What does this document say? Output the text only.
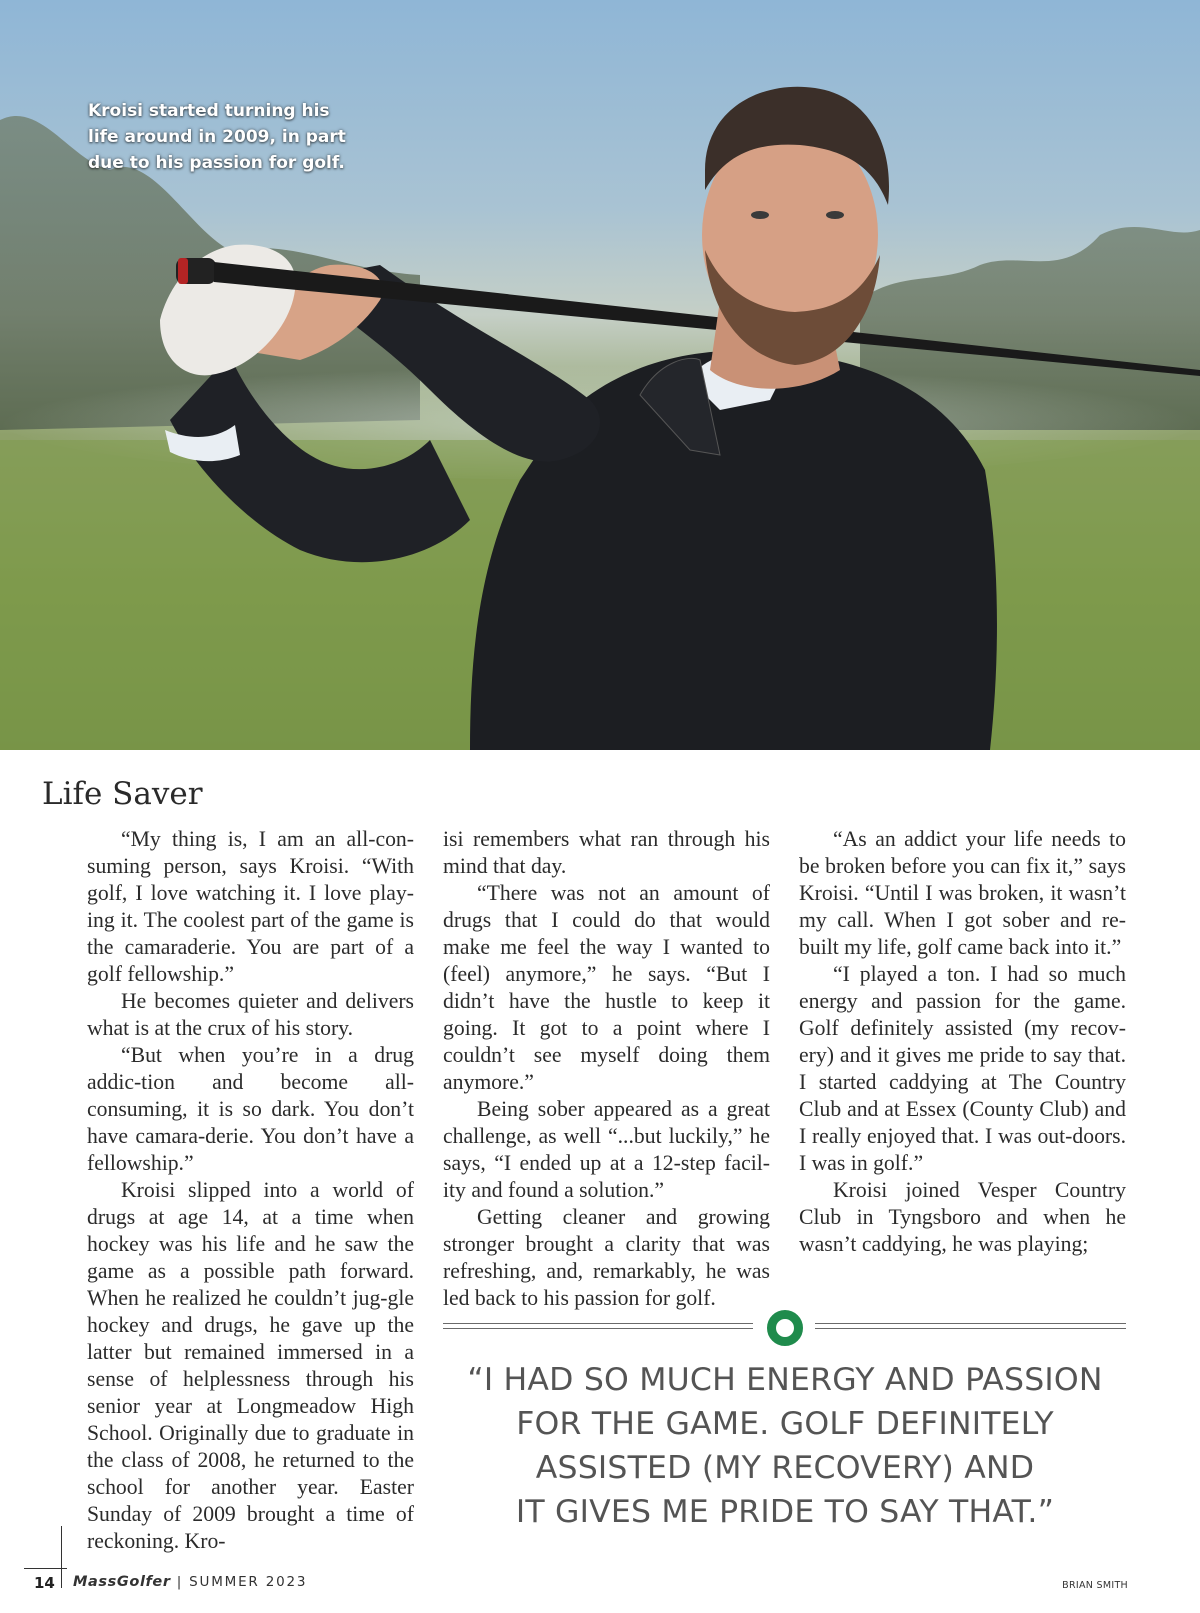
Kroisi started turning his life around in 2009, in part due to his passion for golf.
Life Saver

“My thing is, I am an all-con-suming person, says Kroisi. “With golf, I love watching it. I love play-ing it. The coolest part of the game is the camaraderie. You are part of a golf fellowship.”

He becomes quieter and delivers what is at the crux of his story.

“But when you’re in a drug addic-tion and become all-consuming, it is so dark. You don’t have camara-derie. You don’t have a fellowship.”

Kroisi slipped into a world of drugs at age 14, at a time when hockey was his life and he saw the game as a possible path forward. When he realized he couldn’t jug-gle hockey and drugs, he gave up the latter but remained immersed in a sense of helplessness through his senior year at Longmeadow High School. Originally due to graduate in the class of 2008, he returned to the school for another year. Easter Sunday of 2009 brought a time of reckoning. Kro-

isi remembers what ran through his mind that day.

“There was not an amount of drugs that I could do that would make me feel the way I wanted to (feel) anymore,” he says. “But I didn’t have the hustle to keep it going. It got to a point where I couldn’t see myself doing them anymore.”

Being sober appeared as a great challenge, as well “...but luckily,” he says, “I ended up at a 12-step facil-ity and found a solution.”

Getting cleaner and growing stronger brought a clarity that was refreshing, and, remarkably, he was led back to his passion for golf.

“As an addict your life needs to be broken before you can fix it,” says Kroisi. “Until I was broken, it wasn’t my call. When I got sober and re-built my life, golf came back into it.”

“I played a ton. I had so much energy and passion for the game. Golf definitely assisted (my recov-ery) and it gives me pride to say that. I started caddying at The Country Club and at Essex (County Club) and I really enjoyed that. I was out-doors. I was in golf.”

Kroisi joined Vesper Country Club in Tyngsboro and when he wasn’t caddying, he was playing;

“I HAD SO MUCH ENERGY AND PASSION
FOR THE GAME. GOLF DEFINITELY
ASSISTED (MY RECOVERY) AND
IT GIVES ME PRIDE TO SAY THAT.”
14 MassGolfer | SUMMER 2023	BRIAN SMITH
